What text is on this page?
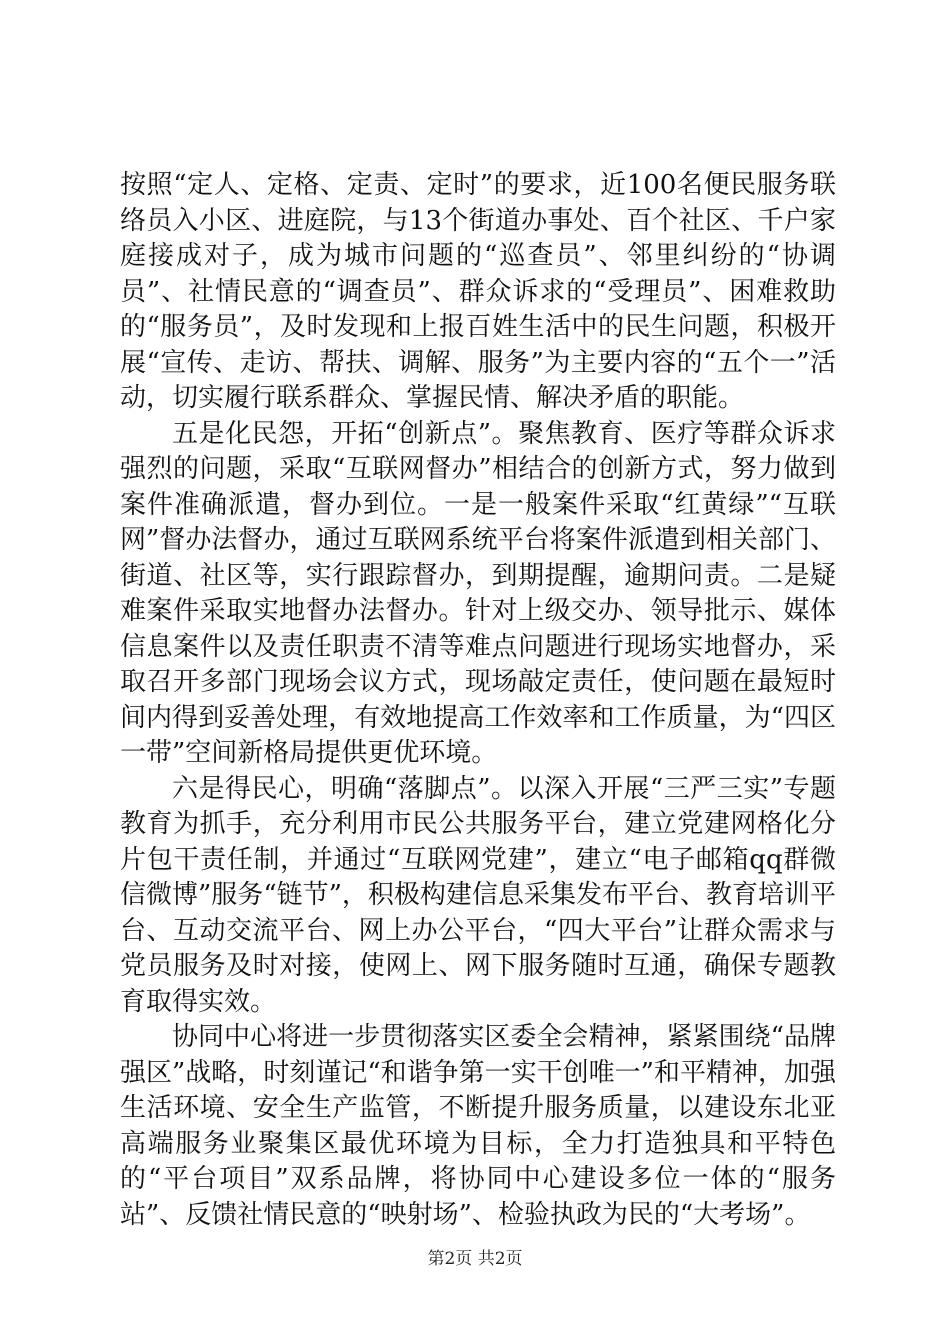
按照“定人、定格、定责、定时”的要求，近100名便民服务联络员入小区、进庭院，与13个街道办事处、百个社区、千户家庭接成对子，成为城市问题的“巡查员”、邻里纠纷的“协调员”、社情民意的“调查员”、群众诉求的“受理员”、困难救助的“服务员”，及时发现和上报百姓生活中的民生问题，积极开展“宣传、走访、帮扶、调解、服务”为主要内容的“五个一”活动，切实履行联系群众、掌握民情、解决矛盾的职能。

五是化民怨，开拓“创新点”。聚焦教育、医疗等群众诉求强烈的问题，采取“互联网督办”相结合的创新方式，努力做到案件准确派遣，督办到位。一是一般案件采取“红黄绿”“互联网”督办法督办，通过互联网系统平台将案件派遣到相关部门、街道、社区等，实行跟踪督办，到期提醒，逾期问责。二是疑难案件采取实地督办法督办。针对上级交办、领导批示、媒体信息案件以及责任职责不清等难点问题进行现场实地督办，采取召开多部门现场会议方式，现场敲定责任，使问题在最短时间内得到妥善处理，有效地提高工作效率和工作质量，为“四区一带”空间新格局提供更优环境。

六是得民心，明确“落脚点”。以深入开展“三严三实”专题教育为抓手，充分利用市民公共服务平台，建立党建网格化分片包干责任制，并通过“互联网党建”，建立“电子邮箱qq群微信微博”服务“链节”，积极构建信息采集发布平台、教育培训平台、互动交流平台、网上办公平台，“四大平台”让群众需求与党员服务及时对接，使网上、网下服务随时互通，确保专题教育取得实效。

协同中心将进一步贯彻落实区委全会精神，紧紧围绕“品牌强区”战略，时刻谨记“和谐争第一实干创唯一”和平精神，加强生活环境、安全生产监管，不断提升服务质量，以建设东北亚高端服务业聚集区最优环境为目标，全力打造独具和平特色的“平台项目”双系品牌，将协同中心建设多位一体的“服务站”、反馈社情民意的“映射场”、检验执政为民的“大考场”。

第2页 共2页
